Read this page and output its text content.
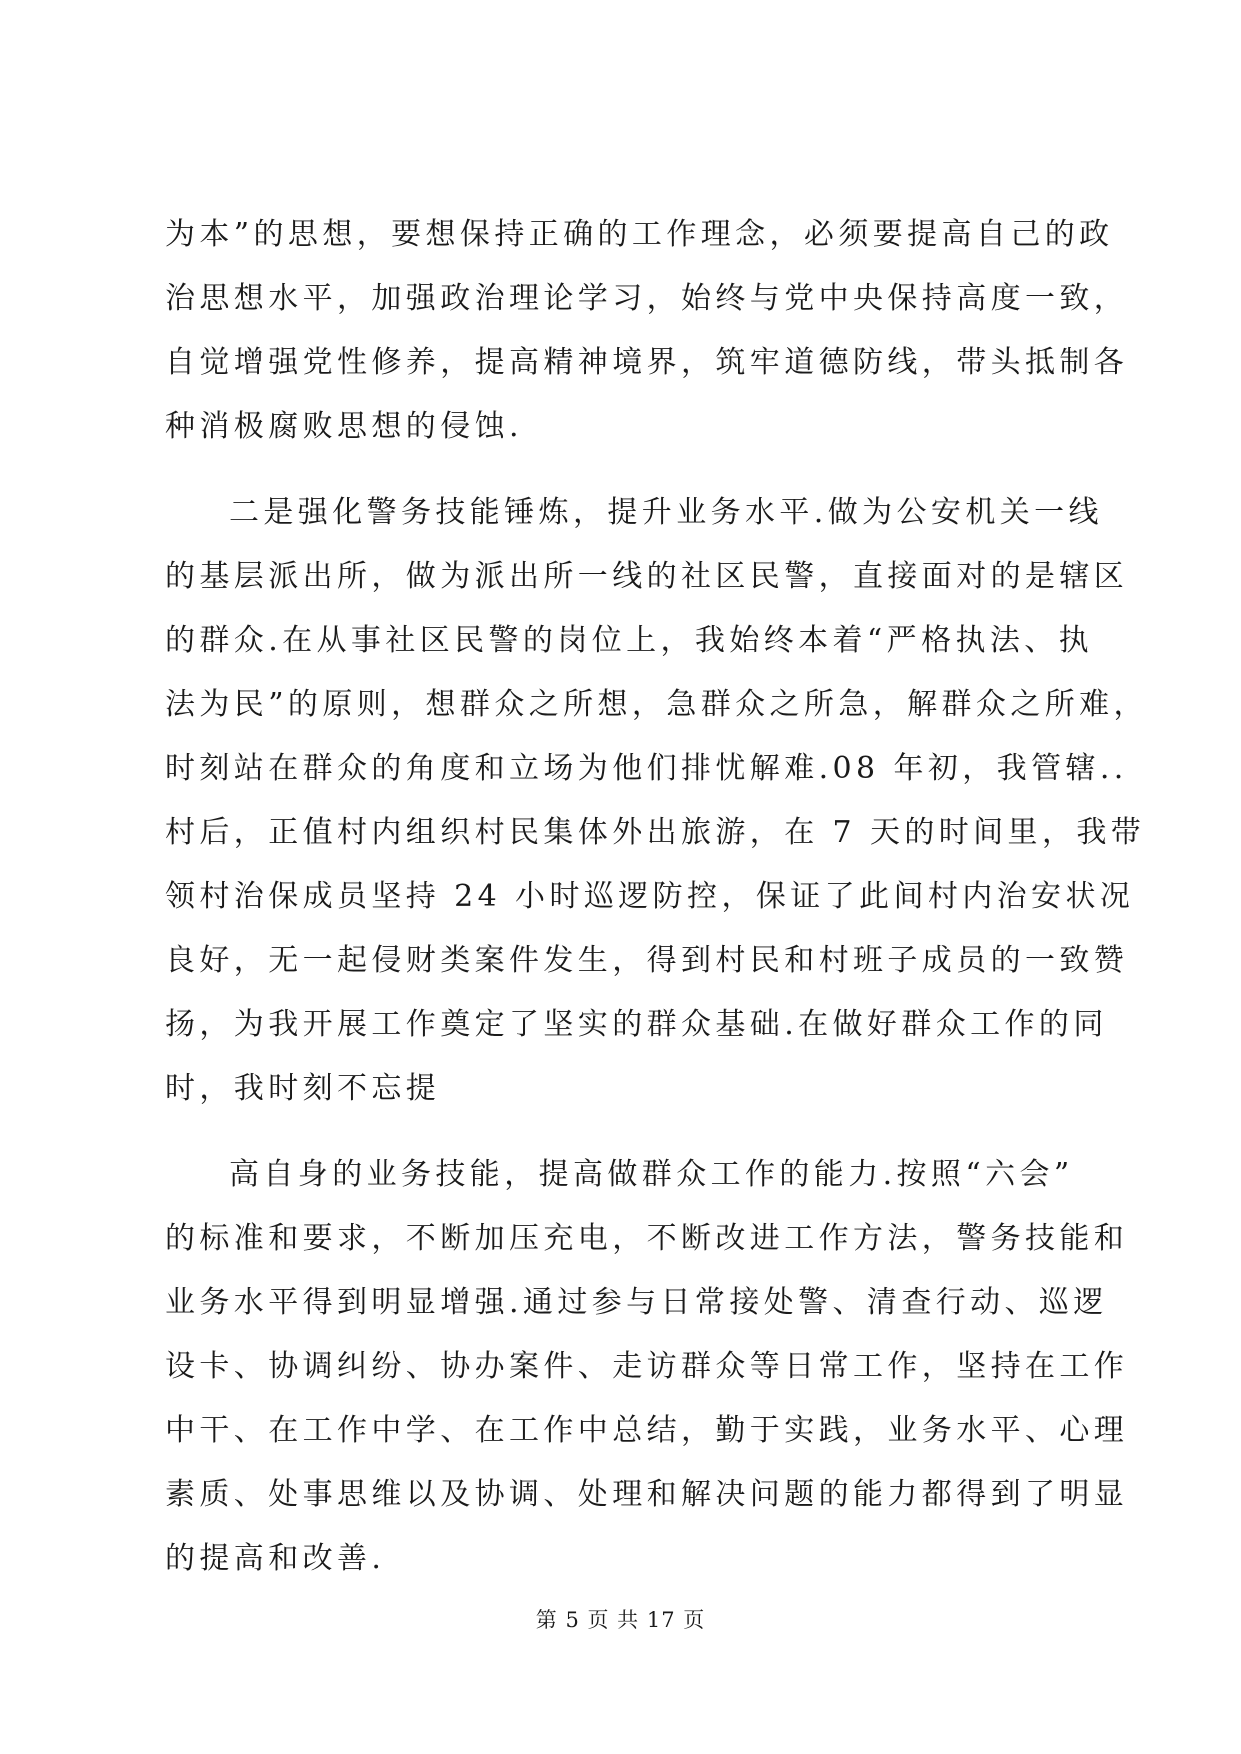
为本”的思想，要想保持正确的工作理念，必须要提高自己的政
治思想水平，加强政治理论学习，始终与党中央保持高度一致，
自觉增强党性修养，提高精神境界，筑牢道德防线，带头抵制各
种消极腐败思想的侵蚀.
二是强化警务技能锤炼，提升业务水平.做为公安机关一线
的基层派出所，做为派出所一线的社区民警，直接面对的是辖区
的群众.在从事社区民警的岗位上，我始终本着“严格执法、执
法为民”的原则，想群众之所想，急群众之所急，解群众之所难，
时刻站在群众的角度和立场为他们排忧解难.08 年初，我管辖..
村后，正值村内组织村民集体外出旅游，在 7 天的时间里，我带
领村治保成员坚持 24 小时巡逻防控，保证了此间村内治安状况
良好，无一起侵财类案件发生，得到村民和村班子成员的一致赞
扬，为我开展工作奠定了坚实的群众基础.在做好群众工作的同
时，我时刻不忘提
高自身的业务技能，提高做群众工作的能力.按照“六会”
的标准和要求，不断加压充电，不断改进工作方法，警务技能和
业务水平得到明显增强.通过参与日常接处警、清查行动、巡逻
设卡、协调纠纷、协办案件、走访群众等日常工作，坚持在工作
中干、在工作中学、在工作中总结，勤于实践，业务水平、心理
素质、处事思维以及协调、处理和解决问题的能力都得到了明显
的提高和改善.
第 5 页 共 17 页
